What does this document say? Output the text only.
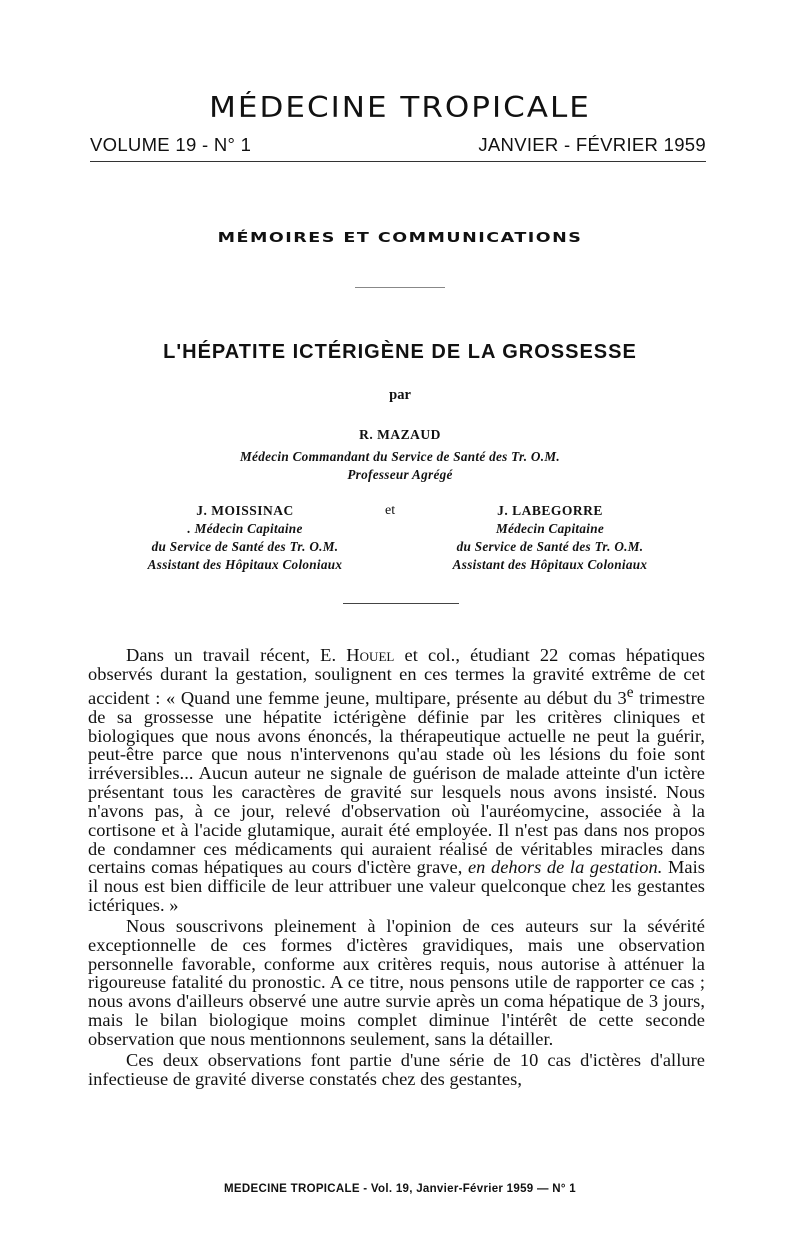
MÉDECINE TROPICALE
VOLUME 19 - N° 1	JANVIER - FÉVRIER 1959
MÉMOIRES ET COMMUNICATIONS
L'HÉPATITE ICTÉRIGÈNE DE LA GROSSESSE
par
R. MAZAUD
Médecin Commandant du Service de Santé des Tr. O.M.
Professeur Agrégé
J. MOISSINAC	et	J. LABEGORRE
. Médecin Capitaine
du Service de Santé des Tr. O.M.
Assistant des Hôpitaux Coloniaux
Médecin Capitaine
du Service de Santé des Tr. O.M.
Assistant des Hôpitaux Coloniaux

Dans un travail récent, E. Houel et col., étudiant 22 comas hépatiques observés durant la gestation, soulignent en ces termes la gravité extrême de cet accident : « Quand une femme jeune, multipare, présente au début du 3e trimestre de sa grossesse une hépatite ictérigène définie par les critères cliniques et biologiques que nous avons énoncés, la thérapeutique actuelle ne peut la guérir, peut-être parce que nous n'intervenons qu'au stade où les lésions du foie sont irréversibles... Aucun auteur ne signale de guérison de malade atteinte d'un ictère présentant tous les caractères de gravité sur lesquels nous avons insisté. Nous n'avons pas, à ce jour, relevé d'observation où l'auréomycine, associée à la cortisone et à l'acide glutamique, aurait été employée. Il n'est pas dans nos propos de condamner ces médicaments qui auraient réalisé de véritables miracles dans certains comas hépatiques au cours d'ictère grave, en dehors de la gestation. Mais il nous est bien difficile de leur attribuer une valeur quelconque chez les gestantes ictériques. »

Nous souscrivons pleinement à l'opinion de ces auteurs sur la sévérité exceptionnelle de ces formes d'ictères gravidiques, mais une observation personnelle favorable, conforme aux critères requis, nous autorise à atténuer la rigoureuse fatalité du pronostic. A ce titre, nous pensons utile de rapporter ce cas ; nous avons d'ailleurs observé une autre survie après un coma hépatique de 3 jours, mais le bilan biologique moins complet diminue l'intérêt de cette seconde observation que nous mentionnons seulement, sans la détailler.

Ces deux observations font partie d'une série de 10 cas d'ictères d'allure infectieuse de gravité diverse constatés chez des gestantes,

MEDECINE TROPICALE - Vol. 19, Janvier-Février 1959 — N° 1
